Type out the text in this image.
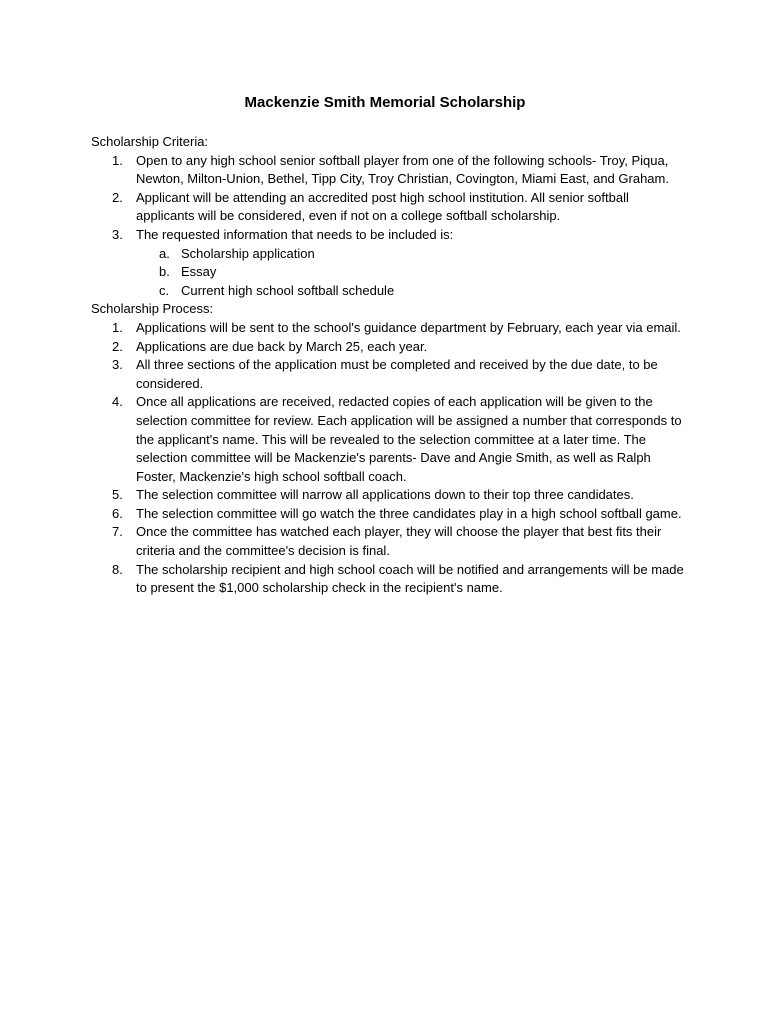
Mackenzie Smith Memorial Scholarship

Scholarship Criteria:

1. Open to any high school senior softball player from one of the following schools- Troy, Piqua, Newton, Milton-Union, Bethel, Tipp City, Troy Christian, Covington, Miami East, and Graham.
2. Applicant will be attending an accredited post high school institution. All senior softball applicants will be considered, even if not on a college softball scholarship.
3. The requested information that needs to be included is:
a. Scholarship application
b. Essay
c. Current high school softball schedule

Scholarship Process:

1. Applications will be sent to the school's guidance department by February, each year via email.
2. Applications are due back by March 25, each year.
3. All three sections of the application must be completed and received by the due date, to be considered.
4. Once all applications are received, redacted copies of each application will be given to the selection committee for review. Each application will be assigned a number that corresponds to the applicant's name. This will be revealed to the selection committee at a later time. The selection committee will be Mackenzie's parents- Dave and Angie Smith, as well as Ralph Foster, Mackenzie's high school softball coach.
5. The selection committee will narrow all applications down to their top three candidates.
6. The selection committee will go watch the three candidates play in a high school softball game.
7. Once the committee has watched each player, they will choose the player that best fits their criteria and the committee's decision is final.
8. The scholarship recipient and high school coach will be notified and arrangements will be made to present the $1,000 scholarship check in the recipient's name.
